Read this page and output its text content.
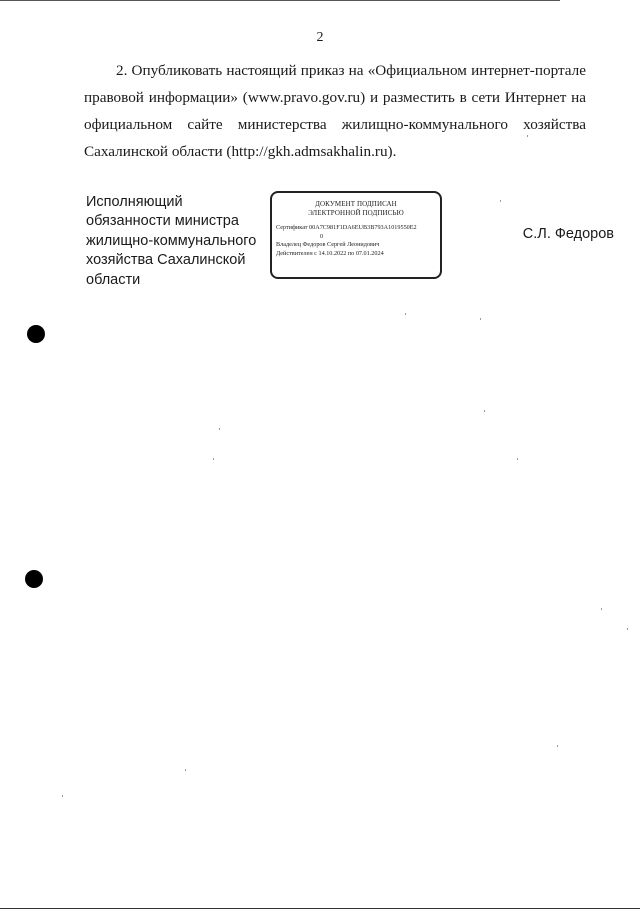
2

2. Опубликовать настоящий приказ на «Официальном интернет-портале правовой информации» (www.pravo.gov.ru) и разместить в сети Интернет на официальном сайте министерства жилищно-коммунального хозяйства Сахалинской области (http://gkh.admsakhalin.ru).

Исполняющий
обязанности министра
жилищно-коммунального
хозяйства Сахалинской
области
ДОКУМЕНТ ПОДПИСАН
ЭЛЕКТРОННОЙ ПОДПИСЬЮ
Сертификат 00A7C981F1DA6EUB3B793A1019550E2
0
Владелец Федоров Сергей Леонидович
Действителен с 14.10.2022 по 07.01.2024
С.Л. Федоров
